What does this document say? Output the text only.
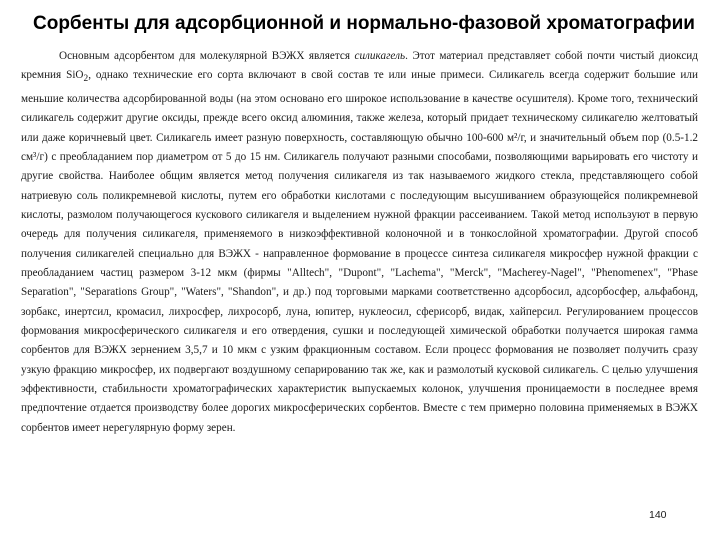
Сорбенты для адсорбционной и нормально-фазовой хроматографии

Основным адсорбентом для молекулярной ВЭЖХ является силикагель. Этот материал представляет собой почти чистый диоксид кремния SiO$_2$, однако технические его сорта включают в свой состав те или иные примеси. Силикагель всегда содержит большие или меньшие количества адсорбированной воды (на этом основано его широкое использование в качестве осушителя). Кроме того, технический силикагель содержит другие оксиды, прежде всего оксид алюминия, также железа, который придает техническому силикагелю желтоватый или даже коричневый цвет. Силикагель имеет разную поверхность, составляющую обычно 100-600 м²/г, и значительный объем пор (0.5-1.2 см³/г) с преобладанием пор диаметром от 5 до 15 нм. Силикагель получают разными способами, позволяющими варьировать его чистоту и другие свойства. Наиболее общим является метод получения силикагеля из так называемого жидкого стекла, представляющего собой натриевую соль поликремневой кислоты, путем его обработки кислотами с последующим высушиванием образующейся поликремневой кислоты, размолом получающегося кускового силикагеля и выделением нужной фракции рассеиванием. Такой метод используют в первую очередь для получения силикагеля, применяемого в низкоэффективной колоночной и в тонкослойной хроматографии. Другой способ получения силикагелей специально для ВЭЖХ - направленное формование в процессе синтеза силикагеля микросфер нужной фракции с преобладанием частиц размером 3-12 мкм (фирмы "Alltech", "Dupont", "Lachema", "Merck", "Macherey-Nagel", "Phenomenex", "Phase Separation", "Separations Group", "Waters", "Shandon", и др.) под торговыми марками соответственно адсорбосил, адсорбосфер, альфабонд, зорбакс, инертсил, кромасил, лихросфер, лихросорб, луна, юпитер, нуклеосил, сферисорб, видак, хайперсил. Регулированием процессов формования микросферического силикагеля и его отвердения, сушки и последующей химической обработки получается широкая гамма сорбентов для ВЭЖХ зернением 3,5,7 и 10 мкм с узким фракционным составом. Если процесс формования не позволяет получить сразу узкую фракцию микросфер, их подвергают воздушному сепарированию так же, как и размолотый кусковой силикагель. С целью улучшения эффективности, стабильности хроматографических характеристик выпускаемых колонок, улучшения проницаемости в последнее время предпочтение отдается производству более дорогих микросферических сорбентов. Вместе с тем примерно половина применяемых в ВЭЖХ сорбентов имеет нерегулярную форму зерен.

140
